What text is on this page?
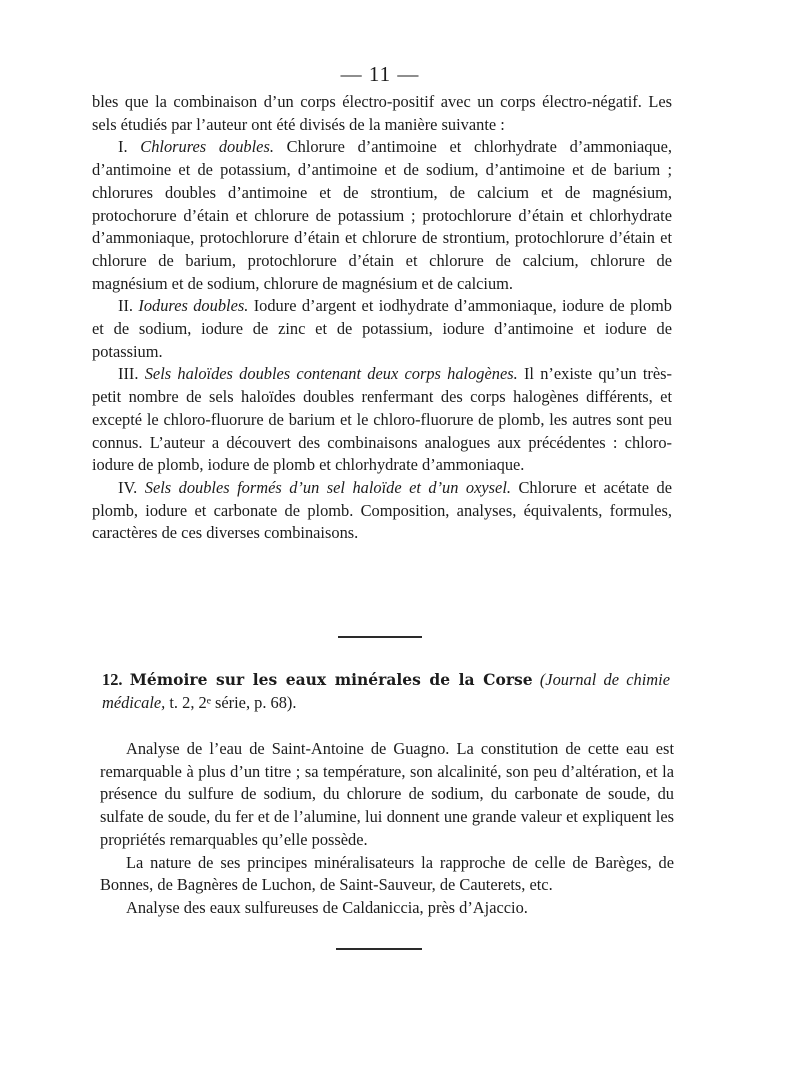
— 11 —

bles que la combinaison d’un corps électro-positif avec un corps électro-négatif. Les sels étudiés par l’auteur ont été divisés de la manière suivante :

I. Chlorures doubles. Chlorure d’antimoine et chlorhydrate d’ammoniaque, d’antimoine et de potassium, d’antimoine et de sodium, d’antimoine et de barium ; chlorures doubles d’antimoine et de strontium, de calcium et de magnésium, protochorure d’étain et chlorure de potassium ; protochlorure d’étain et chlorhydrate d’ammoniaque, protochlorure d’étain et chlorure de strontium, protochlorure d’étain et chlorure de barium, protochlorure d’étain et chlorure de calcium, chlorure de magnésium et de sodium, chlorure de magnésium et de calcium.

II. Iodures doubles. Iodure d’argent et iodhydrate d’ammoniaque, iodure de plomb et de sodium, iodure de zinc et de potassium, iodure d’antimoine et iodure de potassium.

III. Sels haloïdes doubles contenant deux corps halogènes. Il n’existe qu’un très-petit nombre de sels haloïdes doubles renfermant des corps halogènes différents, et excepté le chloro-fluorure de barium et le chloro-fluorure de plomb, les autres sont peu connus. L’auteur a découvert des combinaisons analogues aux précédentes : chloro-iodure de plomb, iodure de plomb et chlorhydrate d’ammoniaque.

IV. Sels doubles formés d’un sel haloïde et d’un oxysel. Chlorure et acétate de plomb, iodure et carbonate de plomb. Composition, analyses, équivalents, formules, caractères de ces diverses combinaisons.

12. Mémoire sur les eaux minérales de la Corse (Journal de chimie médicale, t. 2, 2ᵉ série, p. 68).

Analyse de l’eau de Saint-Antoine de Guagno. La constitution de cette eau est remarquable à plus d’un titre ; sa température, son alcalinité, son peu d’altération, et la présence du sulfure de sodium, du chlorure de sodium, du carbonate de soude, du sulfate de soude, du fer et de l’alumine, lui donnent une grande valeur et expliquent les propriétés remarquables qu’elle possède.

La nature de ses principes minéralisateurs la rapproche de celle de Barèges, de Bonnes, de Bagnères de Luchon, de Saint-Sauveur, de Cauterets, etc.

Analyse des eaux sulfureuses de Caldaniccia, près d’Ajaccio.
